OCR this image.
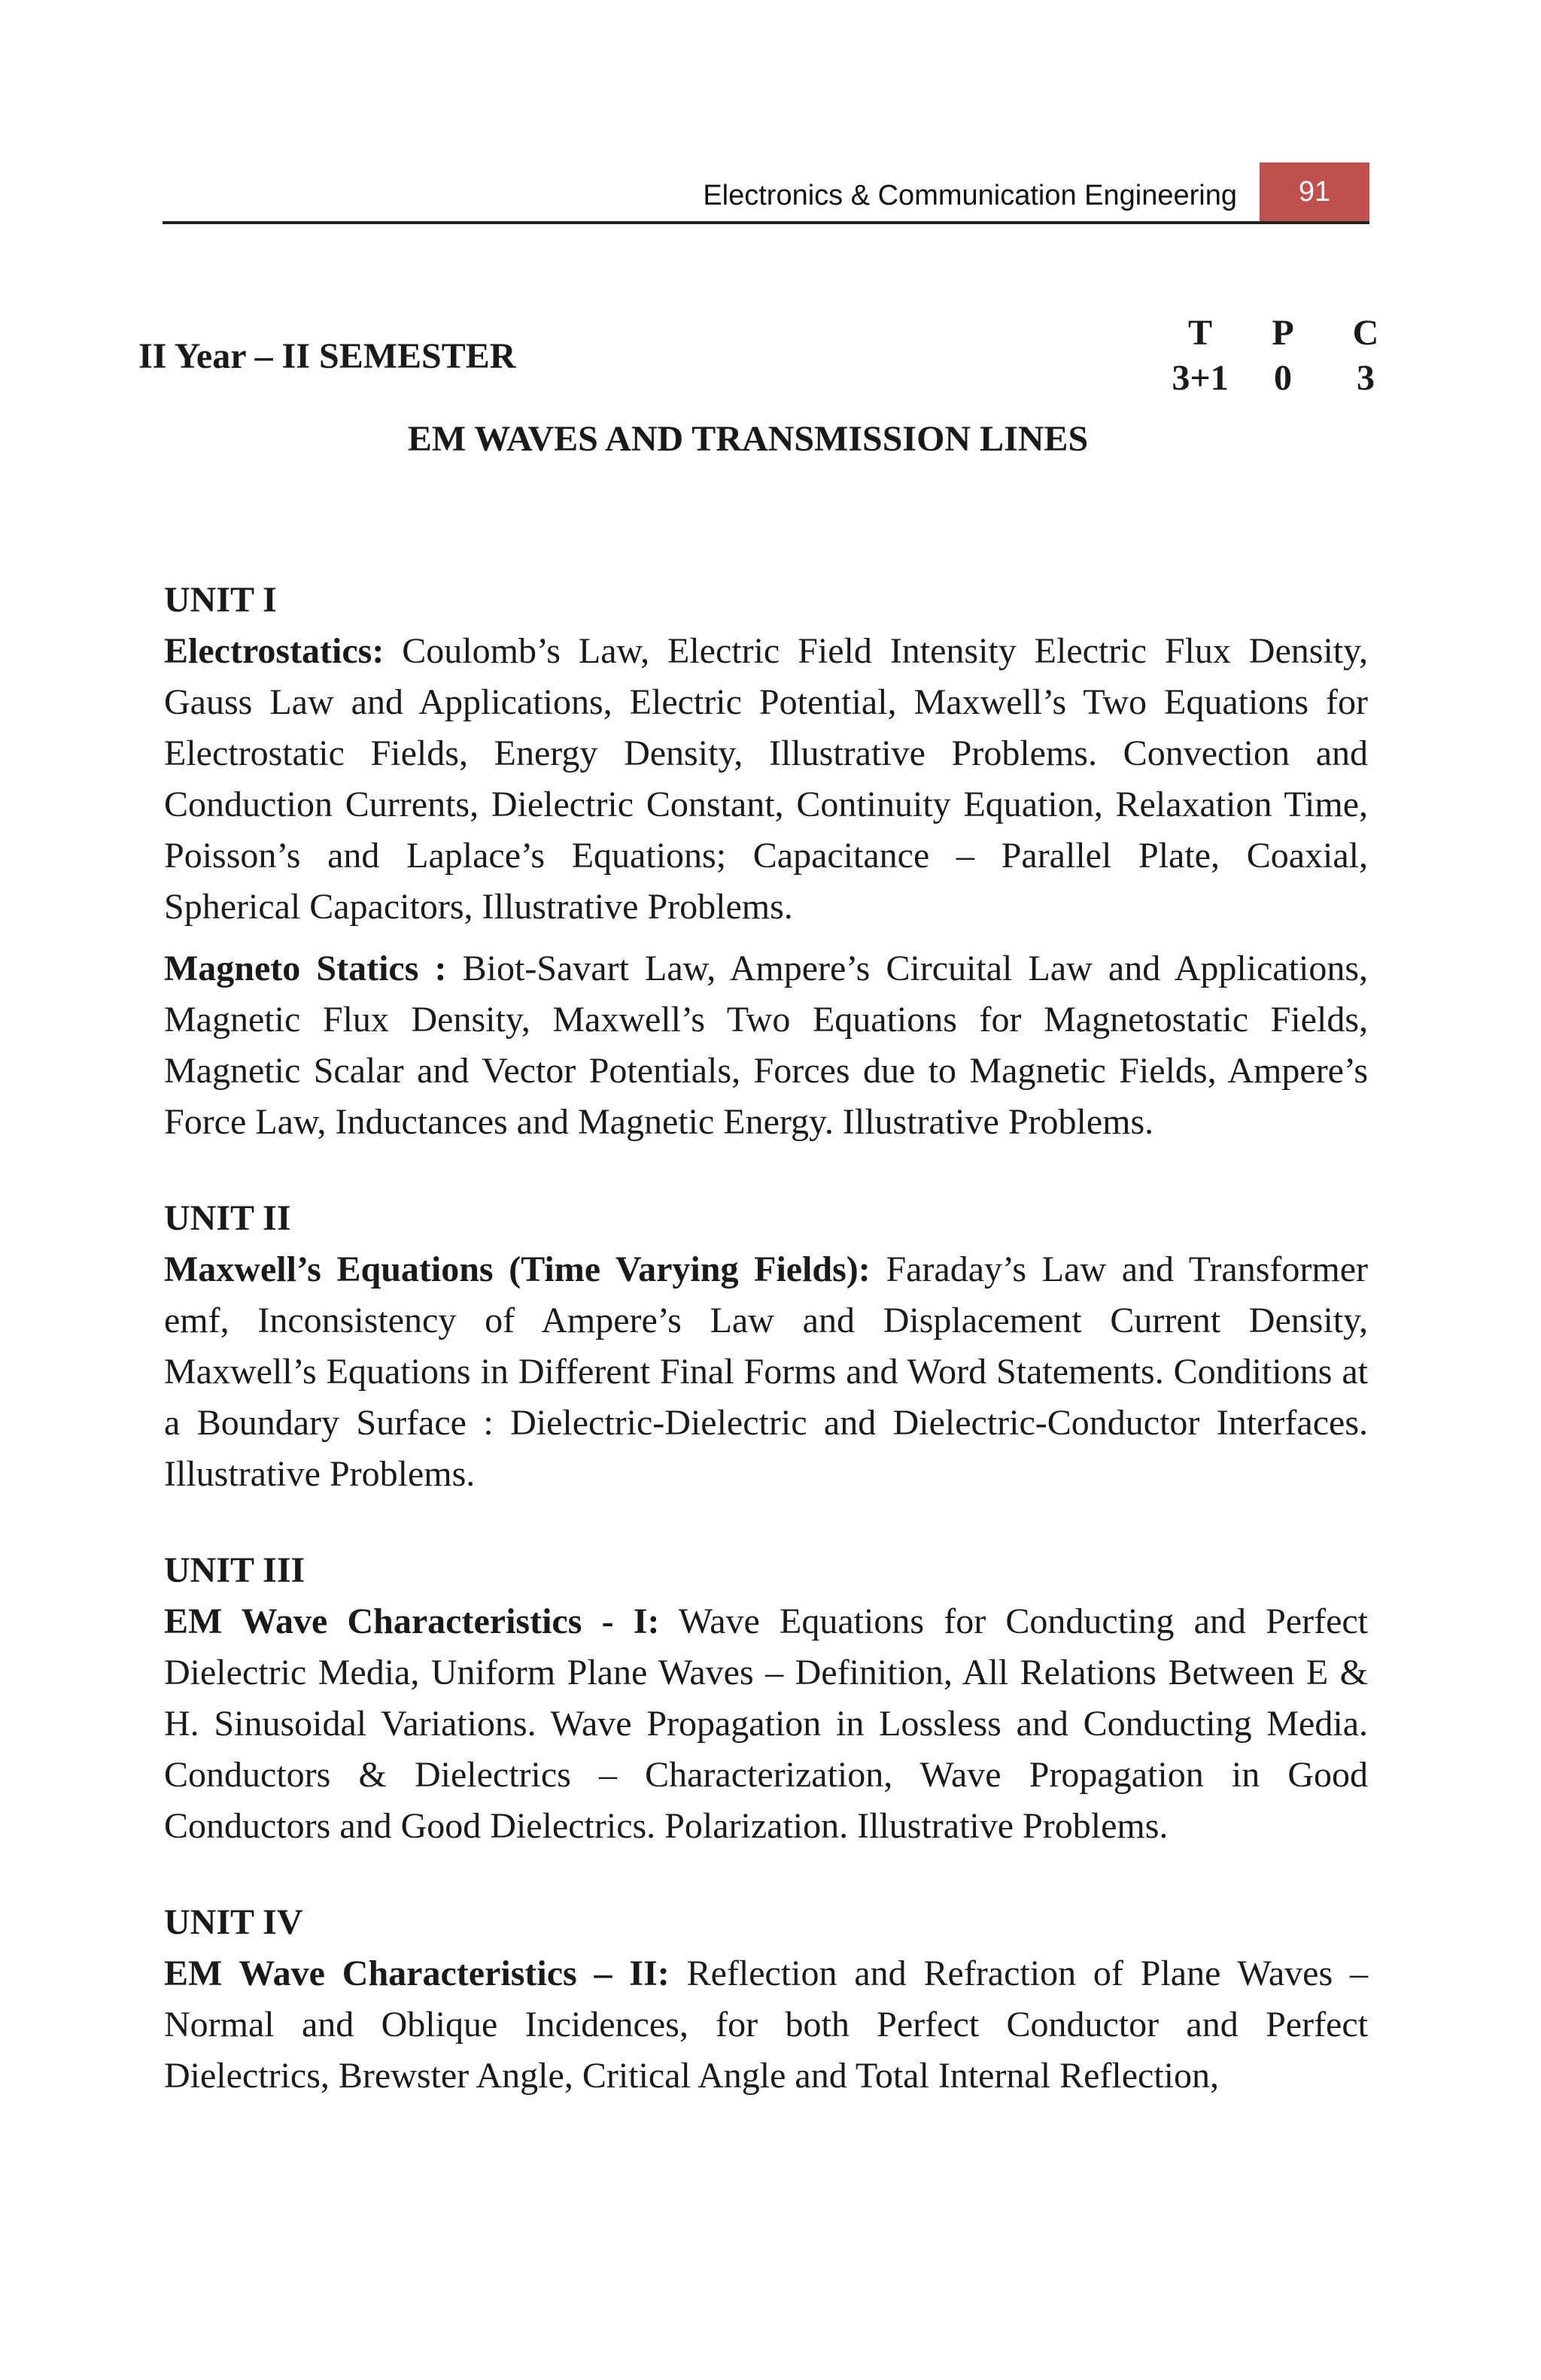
Electronics & Communication Engineering	91
II Year – II SEMESTER
T	P	C
3+1	0	3
EM WAVES AND TRANSMISSION LINES
UNIT I

Electrostatics: Coulomb’s Law, Electric Field Intensity Electric Flux Density, Gauss Law and Applications, Electric Potential, Maxwell’s Two Equations for Electrostatic Fields, Energy Density, Illustrative Problems. Convection and Conduction Currents, Dielectric Constant, Continuity Equation, Relaxation Time, Poisson’s and Laplace’s Equations; Capacitance – Parallel Plate, Coaxial, Spherical Capacitors, Illustrative Problems.

Magneto Statics : Biot-Savart Law, Ampere’s Circuital Law and Applications, Magnetic Flux Density, Maxwell’s Two Equations for Magnetostatic Fields, Magnetic Scalar and Vector Potentials, Forces due to Magnetic Fields, Ampere’s Force Law, Inductances and Magnetic Energy. Illustrative Problems.

UNIT II

Maxwell’s Equations (Time Varying Fields): Faraday’s Law and Transformer emf, Inconsistency of Ampere’s Law and Displacement Current Density, Maxwell’s Equations in Different Final Forms and Word Statements. Conditions at a Boundary Surface : Dielectric-Dielectric and Dielectric-Conductor Interfaces. Illustrative Problems.

UNIT III

EM Wave Characteristics - I: Wave Equations for Conducting and Perfect Dielectric Media, Uniform Plane Waves – Definition, All Relations Between E & H. Sinusoidal Variations. Wave Propagation in Lossless and Conducting Media. Conductors & Dielectrics – Characterization, Wave Propagation in Good Conductors and Good Dielectrics. Polarization. Illustrative Problems.

UNIT IV

EM Wave Characteristics – II: Reflection and Refraction of Plane Waves – Normal and Oblique Incidences, for both Perfect Conductor and Perfect Dielectrics, Brewster Angle, Critical Angle and Total Internal Reflection,
